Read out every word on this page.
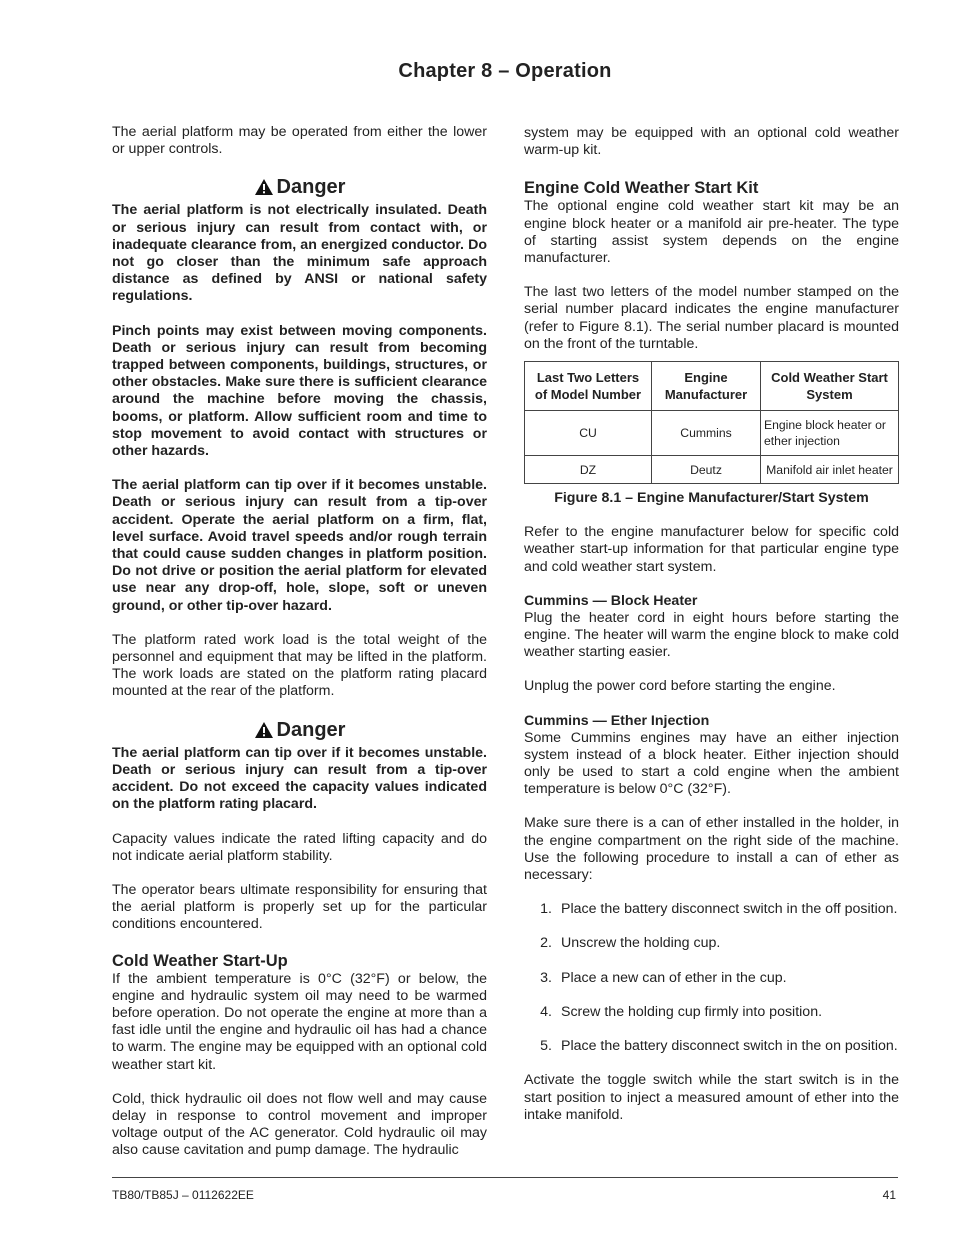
Chapter 8 – Operation

The aerial platform may be operated from either the lower or upper controls.

Danger

The aerial platform is not electrically insulated. Death or serious injury can result from contact with, or inadequate clearance from, an energized conductor. Do not go closer than the minimum safe approach distance as defined by ANSI or national safety regulations.

Pinch points may exist between moving components. Death or serious injury can result from becoming trapped between components, buildings, structures, or other obstacles. Make sure there is sufficient clearance around the machine before moving the chassis, booms, or platform. Allow sufficient room and time to stop movement to avoid contact with structures or other hazards.

The aerial platform can tip over if it becomes unstable. Death or serious injury can result from a tip-over accident. Operate the aerial platform on a firm, flat, level surface. Avoid travel speeds and/or rough terrain that could cause sudden changes in platform position. Do not drive or position the aerial platform for elevated use near any drop-off, hole, slope, soft or uneven ground, or other tip-over hazard.

The platform rated work load is the total weight of the personnel and equipment that may be lifted in the platform. The work loads are stated on the platform rating placard mounted at the rear of the platform.

Danger

The aerial platform can tip over if it becomes unstable. Death or serious injury can result from a tip-over accident. Do not exceed the capacity values indicated on the platform rating placard.

Capacity values indicate the rated lifting capacity and do not indicate aerial platform stability.

The operator bears ultimate responsibility for ensuring that the aerial platform is properly set up for the particular conditions encountered.

Cold Weather Start-Up

If the ambient temperature is 0°C (32°F) or below, the engine and hydraulic system oil may need to be warmed before operation. Do not operate the engine at more than a fast idle until the engine and hydraulic oil has had a chance to warm. The engine may be equipped with an optional cold weather start kit.

Cold, thick hydraulic oil does not flow well and may cause delay in response to control movement and improper voltage output of the AC generator. Cold hydraulic oil may also cause cavitation and pump damage. The hydraulic

system may be equipped with an optional cold weather warm-up kit.

Engine Cold Weather Start Kit

The optional engine cold weather start kit may be an engine block heater or a manifold air pre-heater. The type of starting assist system depends on the engine manufacturer.

The last two letters of the model number stamped on the serial number placard indicates the engine manufacturer (refer to Figure 8.1). The serial number placard is mounted on the front of the turntable.

Last Two Letters of Model Number	Engine Manufacturer	Cold Weather Start System
CU	Cummins	Engine block heater or ether injection
DZ	Deutz	Manifold air inlet heater
Figure 8.1 – Engine Manufacturer/Start System

Refer to the engine manufacturer below for specific cold weather start-up information for that particular engine type and cold weather start system.

Cummins — Block Heater

Plug the heater cord in eight hours before starting the engine. The heater will warm the engine block to make cold weather starting easier.

Unplug the power cord before starting the engine.

Cummins — Ether Injection

Some Cummins engines may have an either injection system instead of a block heater. Either injection should only be used to start a cold engine when the ambient temperature is below 0°C (32°F).

Make sure there is a can of ether installed in the holder, in the engine compartment on the right side of the machine. Use the following procedure to install a can of ether as necessary:

1. Place the battery disconnect switch in the off position.
2. Unscrew the holding cup.
3. Place a new can of ether in the cup.
4. Screw the holding cup firmly into position.
5. Place the battery disconnect switch in the on position.

Activate the toggle switch while the start switch is in the start position to inject a measured amount of ether into the intake manifold.

TB80/TB85J – 0112622EE	41
